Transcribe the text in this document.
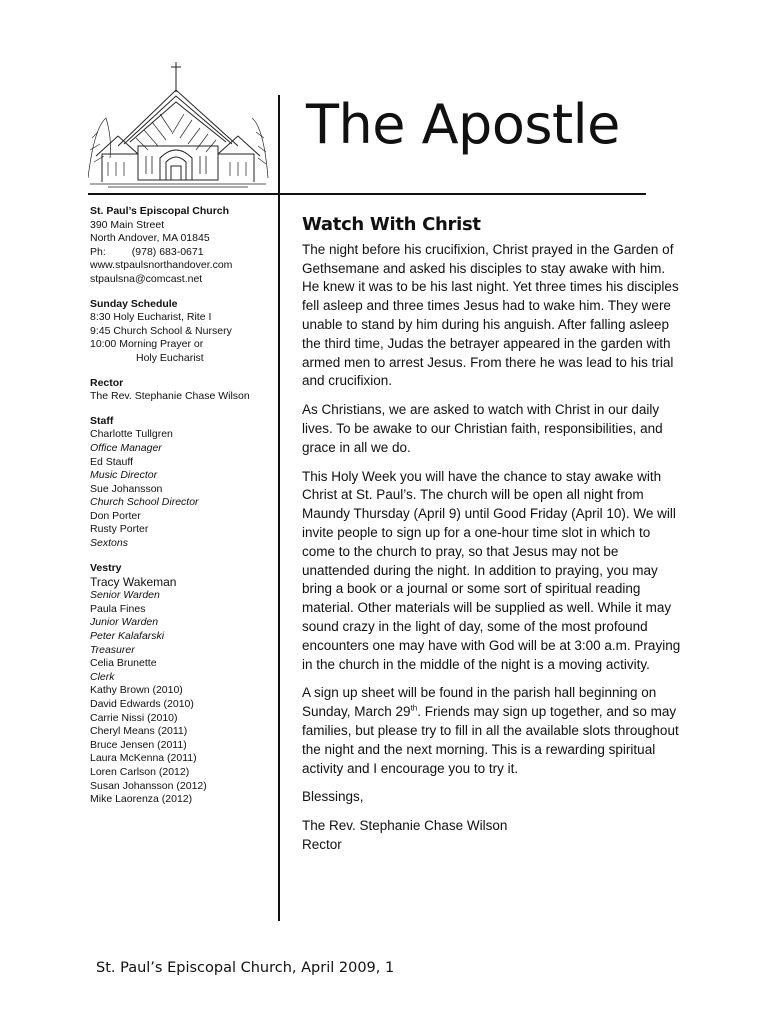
The Apostle
St. Paul’s Episcopal Church
390 Main Street
North Andover, MA 01845
Ph: (978) 683-0671
www.stpaulsnorthandover.com
stpaulsna@comcast.net
Sunday Schedule
8:30 Holy Eucharist, Rite I
9:45 Church School & Nursery
10:00 Morning Prayer or
Holy Eucharist
Rector
The Rev. Stephanie Chase Wilson
Staff
Charlotte Tullgren
Office Manager
Ed Stauff
Music Director
Sue Johansson
Church School Director
Don Porter
Rusty Porter
Sextons
Vestry
Tracy Wakeman
Senior Warden
Paula Fines
Junior Warden
Peter Kalafarski
Treasurer
Celia Brunette
Clerk
Kathy Brown (2010)
David Edwards (2010)
Carrie Nissi (2010)
Cheryl Means (2011)
Bruce Jensen (2011)
Laura McKenna (2011)
Loren Carlson (2012)
Susan Johansson (2012)
Mike Laorenza (2012)
Watch With Christ

The night before his crucifixion, Christ prayed in the Garden of Gethsemane and asked his disciples to stay awake with him. He knew it was to be his last night. Yet three times his disciples fell asleep and three times Jesus had to wake him. They were unable to stand by him during his anguish. After falling asleep the third time, Judas the betrayer appeared in the garden with armed men to arrest Jesus. From there he was lead to his trial and crucifixion.

As Christians, we are asked to watch with Christ in our daily lives. To be awake to our Christian faith, responsibilities, and grace in all we do.

This Holy Week you will have the chance to stay awake with Christ at St. Paul’s. The church will be open all night from Maundy Thursday (April 9) until Good Friday (April 10). We will invite people to sign up for a one-hour time slot in which to come to the church to pray, so that Jesus may not be unattended during the night. In addition to praying, you may bring a book or a journal or some sort of spiritual reading material. Other materials will be supplied as well. While it may sound crazy in the light of day, some of the most profound encounters one may have with God will be at 3:00 a.m. Praying in the church in the middle of the night is a moving activity.

A sign up sheet will be found in the parish hall beginning on Sunday, March 29th. Friends may sign up together, and so may families, but please try to fill in all the available slots throughout the night and the next morning. This is a rewarding spiritual activity and I encourage you to try it.

Blessings,

The Rev. Stephanie Chase Wilson
Rector
St. Paul’s Episcopal Church, April 2009, 1
